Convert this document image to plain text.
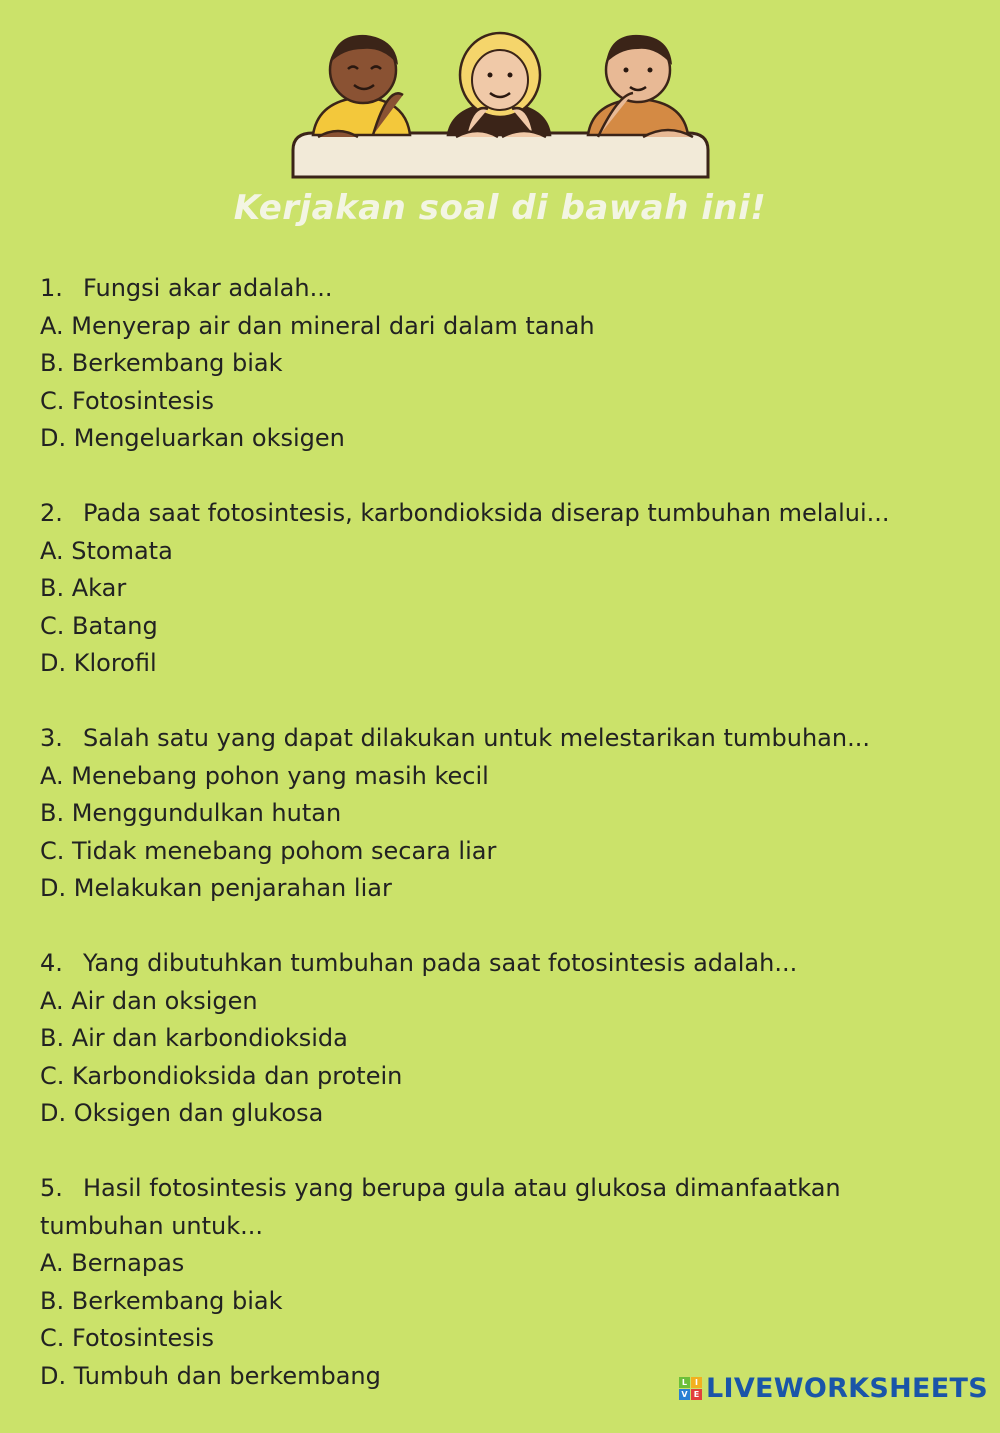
Kerjakan soal di bawah ini!
1. Fungsi akar adalah...
A. Menyerap air dan mineral dari dalam tanah
B. Berkembang biak
C. Fotosintesis
D. Mengeluarkan oksigen
2. Pada saat fotosintesis, karbondioksida diserap tumbuhan melalui...
A. Stomata
B. Akar
C. Batang
D. Klorofil
3. Salah satu yang dapat dilakukan untuk melestarikan tumbuhan...
A. Menebang pohon yang masih kecil
B. Menggundulkan hutan
C. Tidak menebang pohom secara liar
D. Melakukan penjarahan liar
4. Yang dibutuhkan tumbuhan pada saat fotosintesis adalah...
A. Air dan oksigen
B. Air dan karbondioksida
C. Karbondioksida dan protein
D. Oksigen dan glukosa
5. Hasil fotosintesis yang berupa gula atau glukosa dimanfaatkan
tumbuhan untuk...
A. Bernapas
B. Berkembang biak
C. Fotosintesis
D. Tumbuh dan berkembang	L I
V E LIVEWORKSHEETS
